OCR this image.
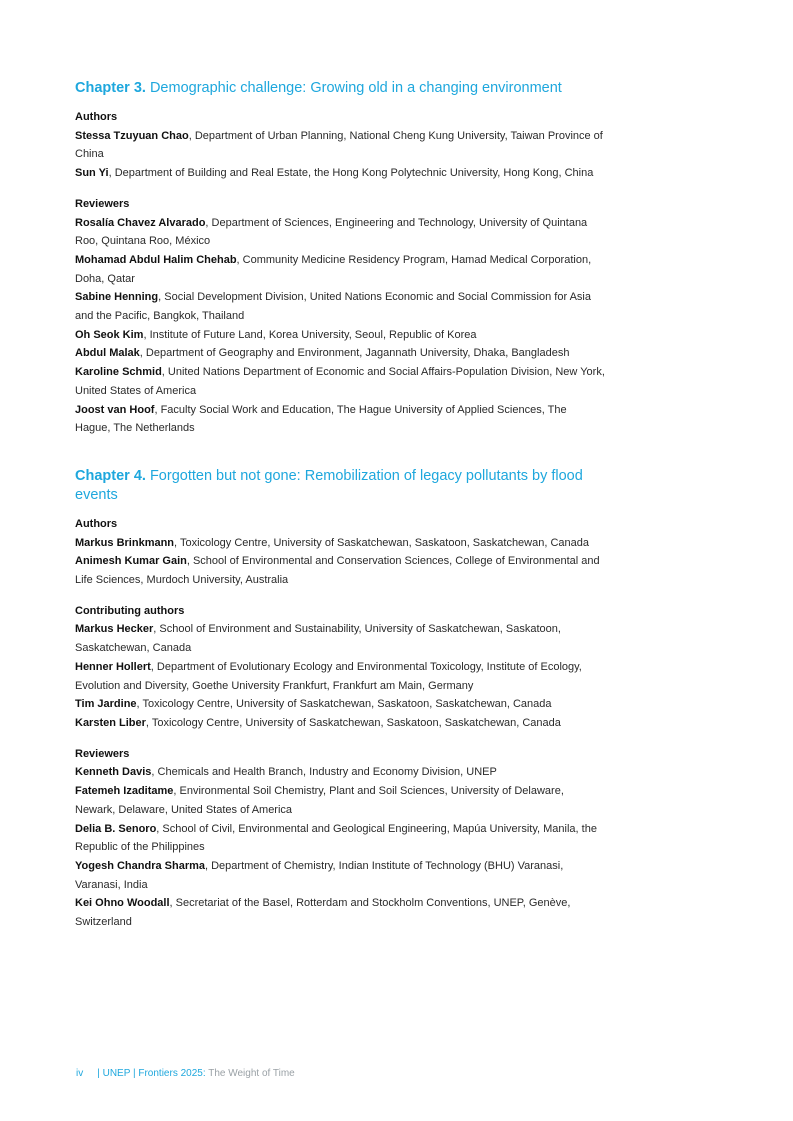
Chapter 3. Demographic challenge: Growing old in a changing environment
Authors
Stessa Tzuyuan Chao, Department of Urban Planning, National Cheng Kung University, Taiwan Province of China
Sun Yi, Department of Building and Real Estate, the Hong Kong Polytechnic University, Hong Kong, China
Reviewers
Rosalía Chavez Alvarado, Department of Sciences, Engineering and Technology, University of Quintana Roo, Quintana Roo, México
Mohamad Abdul Halim Chehab, Community Medicine Residency Program, Hamad Medical Corporation, Doha, Qatar
Sabine Henning, Social Development Division, United Nations Economic and Social Commission for Asia and the Pacific, Bangkok, Thailand
Oh Seok Kim, Institute of Future Land, Korea University, Seoul, Republic of Korea
Abdul Malak, Department of Geography and Environment, Jagannath University, Dhaka, Bangladesh
Karoline Schmid, United Nations Department of Economic and Social Affairs-Population Division, New York, United States of America
Joost van Hoof, Faculty Social Work and Education, The Hague University of Applied Sciences, The Hague, The Netherlands
Chapter 4. Forgotten but not gone: Remobilization of legacy pollutants by flood events
Authors
Markus Brinkmann, Toxicology Centre, University of Saskatchewan, Saskatoon, Saskatchewan, Canada
Animesh Kumar Gain, School of Environmental and Conservation Sciences, College of Environmental and Life Sciences, Murdoch University, Australia
Contributing authors
Markus Hecker, School of Environment and Sustainability, University of Saskatchewan, Saskatoon, Saskatchewan, Canada
Henner Hollert, Department of Evolutionary Ecology and Environmental Toxicology, Institute of Ecology, Evolution and Diversity, Goethe University Frankfurt, Frankfurt am Main, Germany
Tim Jardine, Toxicology Centre, University of Saskatchewan, Saskatoon, Saskatchewan, Canada
Karsten Liber, Toxicology Centre, University of Saskatchewan, Saskatoon, Saskatchewan, Canada
Reviewers
Kenneth Davis, Chemicals and Health Branch, Industry and Economy Division, UNEP
Fatemeh Izaditame, Environmental Soil Chemistry, Plant and Soil Sciences, University of Delaware, Newark, Delaware, United States of America
Delia B. Senoro, School of Civil, Environmental and Geological Engineering, Mapúa University, Manila, the Republic of the Philippines
Yogesh Chandra Sharma, Department of Chemistry, Indian Institute of Technology (BHU) Varanasi, Varanasi, India
Kei Ohno Woodall, Secretariat of the Basel, Rotterdam and Stockholm Conventions, UNEP, Genève, Switzerland
iv | UNEP | Frontiers 2025: The Weight of Time
